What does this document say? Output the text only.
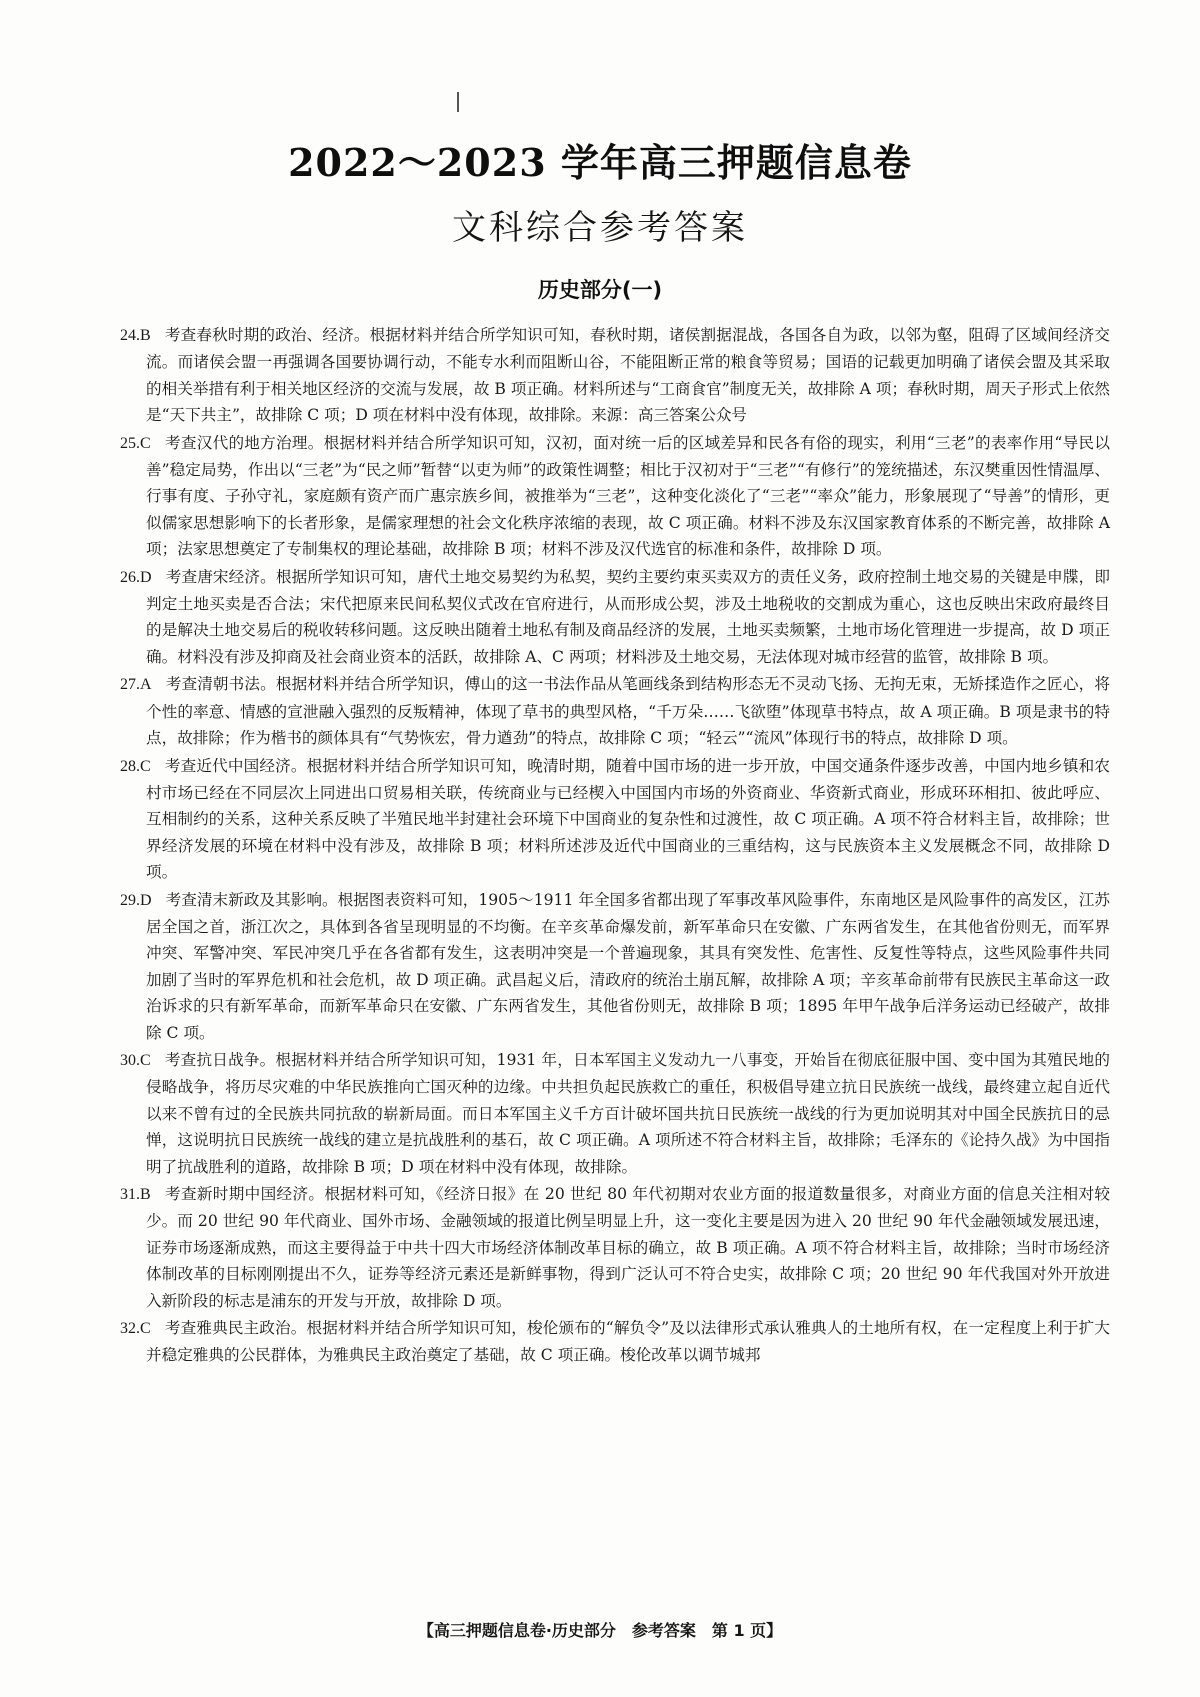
2022～2023 学年高三押题信息卷
文科综合参考答案
历史部分(一)

24.B 考查春秋时期的政治、经济。根据材料并结合所学知识可知，春秋时期，诸侯割据混战，各国各自为政，以邻为壑，阻碍了区域间经济交流。而诸侯会盟一再强调各国要协调行动，不能专水利而阻断山谷，不能阻断正常的粮食等贸易；国语的记载更加明确了诸侯会盟及其采取的相关举措有利于相关地区经济的交流与发展，故 B 项正确。材料所述与“工商食官”制度无关，故排除 A 项；春秋时期，周天子形式上依然是“天下共主”，故排除 C 项；D 项在材料中没有体现，故排除。来源：高三答案公众号

25.C 考查汉代的地方治理。根据材料并结合所学知识可知，汉初，面对统一后的区域差异和民各有俗的现实，利用“三老”的表率作用“导民以善”稳定局势，作出以“三老”为“民之师”暂替“以吏为师”的政策性调整；相比于汉初对于“三老”“有修行”的笼统描述，东汉樊重因性情温厚、行事有度、子孙守礼，家庭颇有资产而广惠宗族乡间，被推举为“三老”，这种变化淡化了“三老”“率众”能力，形象展现了“导善”的情形，更似儒家思想影响下的长者形象，是儒家理想的社会文化秩序浓缩的表现，故 C 项正确。材料不涉及东汉国家教育体系的不断完善，故排除 A 项；法家思想奠定了专制集权的理论基础，故排除 B 项；材料不涉及汉代选官的标准和条件，故排除 D 项。

26.D 考查唐宋经济。根据所学知识可知，唐代土地交易契约为私契，契约主要约束买卖双方的责任义务，政府控制土地交易的关键是申牒，即判定土地买卖是否合法；宋代把原来民间私契仪式改在官府进行，从而形成公契，涉及土地税收的交割成为重心，这也反映出宋政府最终目的是解决土地交易后的税收转移问题。这反映出随着土地私有制及商品经济的发展，土地买卖频繁，土地市场化管理进一步提高，故 D 项正确。材料没有涉及抑商及社会商业资本的活跃，故排除 A、C 两项；材料涉及土地交易，无法体现对城市经营的监管，故排除 B 项。

27.A 考查清朝书法。根据材料并结合所学知识，傅山的这一书法作品从笔画线条到结构形态无不灵动飞扬、无拘无束，无矫揉造作之匠心，将个性的率意、情感的宣泄融入强烈的反叛精神，体现了草书的典型风格，“千万朵……飞欲堕”体现草书特点，故 A 项正确。B 项是隶书的特点，故排除；作为楷书的颜体具有“气势恢宏，骨力遒劲”的特点，故排除 C 项；“轻云”“流风”体现行书的特点，故排除 D 项。

28.C 考查近代中国经济。根据材料并结合所学知识可知，晚清时期，随着中国市场的进一步开放，中国交通条件逐步改善，中国内地乡镇和农村市场已经在不同层次上同进出口贸易相关联，传统商业与已经楔入中国国内市场的外资商业、华资新式商业，形成环环相扣、彼此呼应、互相制约的关系，这种关系反映了半殖民地半封建社会环境下中国商业的复杂性和过渡性，故 C 项正确。A 项不符合材料主旨，故排除；世界经济发展的环境在材料中没有涉及，故排除 B 项；材料所述涉及近代中国商业的三重结构，这与民族资本主义发展概念不同，故排除 D 项。

29.D 考查清末新政及其影响。根据图表资料可知，1905～1911 年全国多省都出现了军事改革风险事件，东南地区是风险事件的高发区，江苏居全国之首，浙江次之，具体到各省呈现明显的不均衡。在辛亥革命爆发前，新军革命只在安徽、广东两省发生，在其他省份则无，而军界冲突、军警冲突、军民冲突几乎在各省都有发生，这表明冲突是一个普遍现象，其具有突发性、危害性、反复性等特点，这些风险事件共同加剧了当时的军界危机和社会危机，故 D 项正确。武昌起义后，清政府的统治土崩瓦解，故排除 A 项；辛亥革命前带有民族民主革命这一政治诉求的只有新军革命，而新军革命只在安徽、广东两省发生，其他省份则无，故排除 B 项；1895 年甲午战争后洋务运动已经破产，故排除 C 项。

30.C 考查抗日战争。根据材料并结合所学知识可知，1931 年，日本军国主义发动九一八事变，开始旨在彻底征服中国、变中国为其殖民地的侵略战争，将历尽灾难的中华民族推向亡国灭种的边缘。中共担负起民族救亡的重任，积极倡导建立抗日民族统一战线，最终建立起自近代以来不曾有过的全民族共同抗敌的崭新局面。而日本军国主义千方百计破坏国共抗日民族统一战线的行为更加说明其对中国全民族抗日的忌惮，这说明抗日民族统一战线的建立是抗战胜利的基石，故 C 项正确。A 项所述不符合材料主旨，故排除；毛泽东的《论持久战》为中国指明了抗战胜利的道路，故排除 B 项；D 项在材料中没有体现，故排除。

31.B 考查新时期中国经济。根据材料可知，《经济日报》在 20 世纪 80 年代初期对农业方面的报道数量很多，对商业方面的信息关注相对较少。而 20 世纪 90 年代商业、国外市场、金融领域的报道比例呈明显上升，这一变化主要是因为进入 20 世纪 90 年代金融领域发展迅速，证券市场逐渐成熟，而这主要得益于中共十四大市场经济体制改革目标的确立，故 B 项正确。A 项不符合材料主旨，故排除；当时市场经济体制改革的目标刚刚提出不久，证券等经济元素还是新鲜事物，得到广泛认可不符合史实，故排除 C 项；20 世纪 90 年代我国对外开放进入新阶段的标志是浦东的开发与开放，故排除 D 项。

32.C 考查雅典民主政治。根据材料并结合所学知识可知，梭伦颁布的“解负令”及以法律形式承认雅典人的土地所有权，在一定程度上利于扩大并稳定雅典的公民群体，为雅典民主政治奠定了基础，故 C 项正确。梭伦改革以调节城邦

【高三押题信息卷·历史部分　参考答案　第 1 页】
